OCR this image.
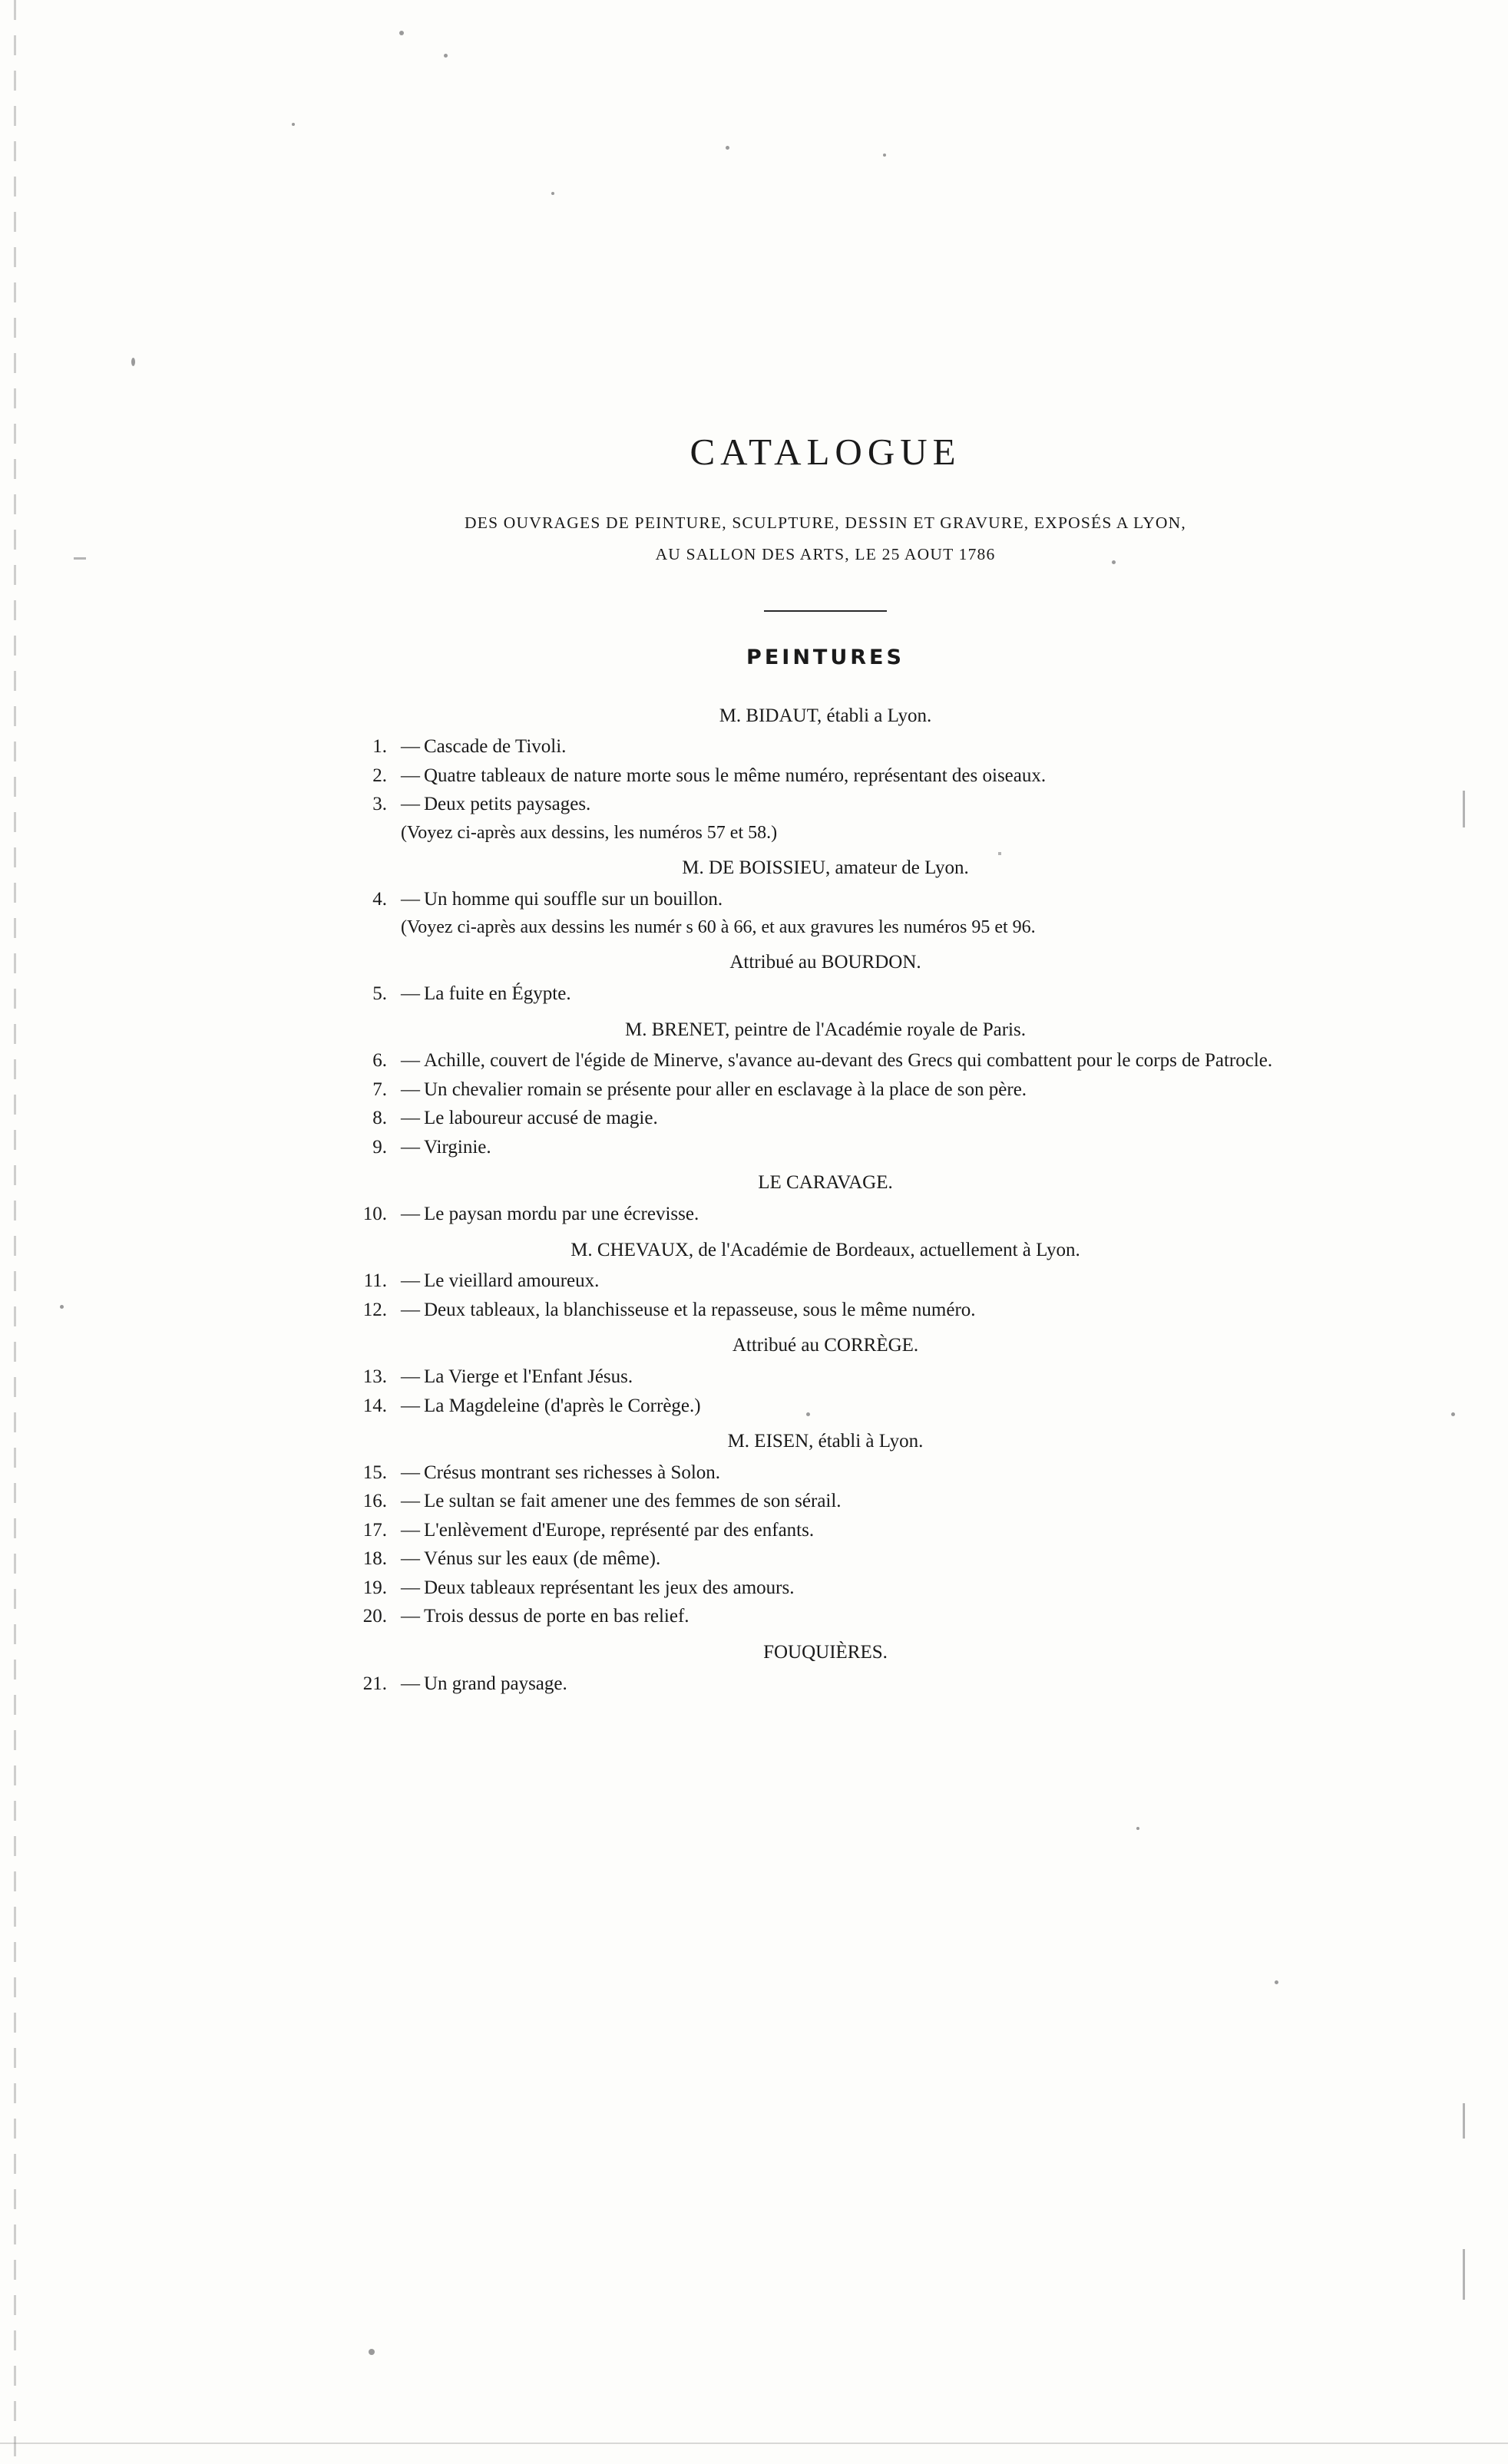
CATALOGUE
DES OUVRAGES DE PEINTURE, SCULPTURE, DESSIN ET GRAVURE, EXPOSÉS A LYON,
AU SALLON DES ARTS, LE 25 AOUT 1786
PEINTURES
M. BIDAUT, établi a Lyon.
1. — Cascade de Tivoli.
2. — Quatre tableaux de nature morte sous le même numéro, représentant des oiseaux.
3. — Deux petits paysages.
(Voyez ci-après aux dessins, les numéros 57 et 58.)
M. DE BOISSIEU, amateur de Lyon.
4. — Un homme qui souffle sur un bouillon.
(Voyez ci-après aux dessins les numér s 60 à 66, et aux gravures les numéros 95 et 96.
Attribué au BOURDON.
5. — La fuite en Égypte.
M. BRENET, peintre de l'Académie royale de Paris.
6. — Achille, couvert de l'égide de Minerve, s'avance au-devant des Grecs qui combattent pour le corps de Patrocle.
7. — Un chevalier romain se présente pour aller en esclavage à la place de son père.
8. — Le laboureur accusé de magie.
9. — Virginie.
LE CARAVAGE.
10. — Le paysan mordu par une écrevisse.
M. CHEVAUX, de l'Académie de Bordeaux, actuellement à Lyon.
11. — Le vieillard amoureux.
12. — Deux tableaux, la blanchisseuse et la repasseuse, sous le même numéro.
Attribué au CORRÈGE.
13. — La Vierge et l'Enfant Jésus.
14. — La Magdeleine (d'après le Corrège.)
M. EISEN, établi à Lyon.
15. — Crésus montrant ses richesses à Solon.
16. — Le sultan se fait amener une des femmes de son sérail.
17. — L'enlèvement d'Europe, représenté par des enfants.
18. — Vénus sur les eaux (de même).
19. — Deux tableaux représentant les jeux des amours.
20. — Trois dessus de porte en bas relief.
FOUQUIÈRES.
21. — Un grand paysage.
